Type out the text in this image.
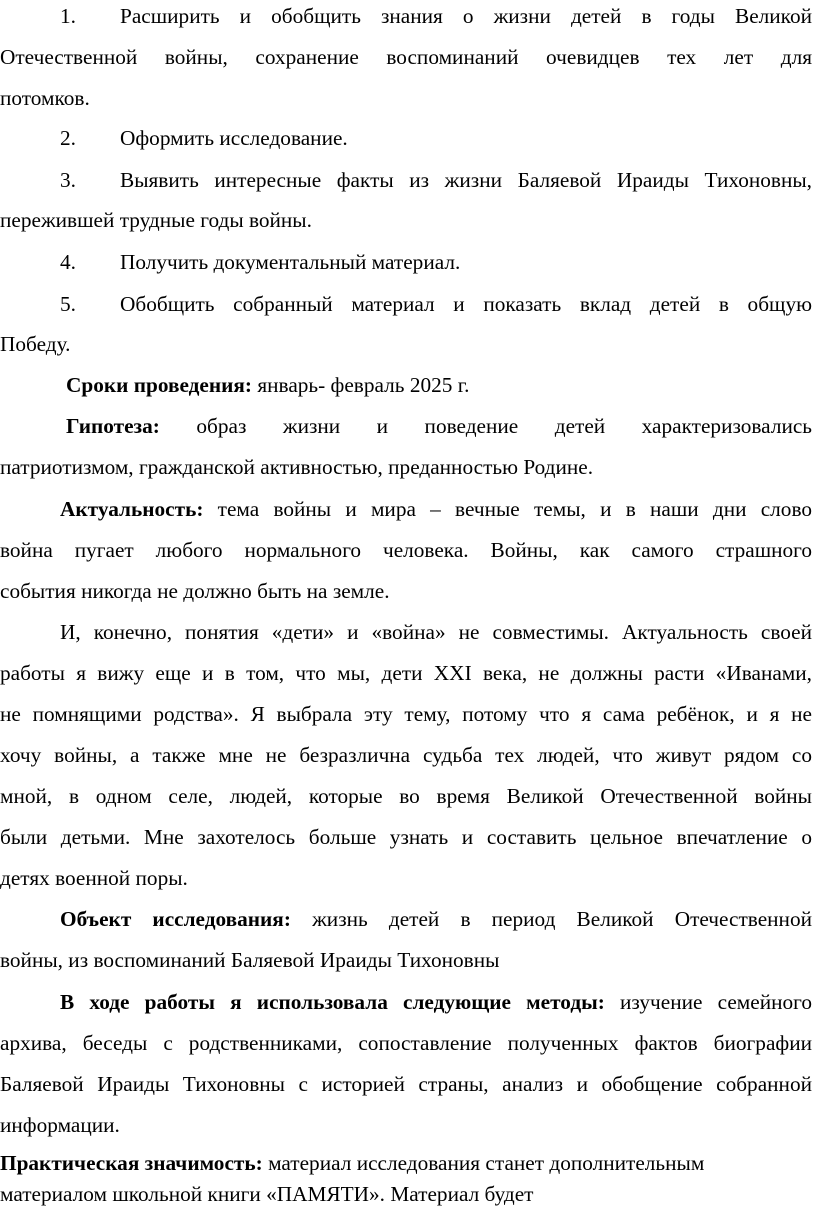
1. Расширить и обобщить знания о жизни детей в годы Великой
Отечественной войны, сохранение воспоминаний очевидцев тех лет для
потомков.
2. Оформить исследование.
3. Выявить интересные факты из жизни Баляевой Ираиды Тихоновны,
пережившей трудные годы войны.
4. Получить документальный материал.
5. Обобщить собранный материал и показать вклад детей в общую
Победу.
Сроки проведения: январь- февраль 2025 г.
Гипотеза: образ жизни и поведение детей характеризовались
патриотизмом, гражданской активностью, преданностью Родине.
Актуальность: тема войны и мира – вечные темы, и в наши дни слово
война пугает любого нормального человека. Войны, как самого страшного
события никогда не должно быть на земле.
И, конечно, понятия «дети» и «война» не совместимы. Актуальность своей
работы я вижу еще и в том, что мы, дети XXI века, не должны расти «Иванами,
не помнящими родства». Я выбрала эту тему, потому что я сама ребёнок, и я не
хочу войны, а также мне не безразлична судьба тех людей, что живут рядом со
мной, в одном селе, людей, которые во время Великой Отечественной войны
были детьми. Мне захотелось больше узнать и составить цельное впечатление о
детях военной поры.
Объект исследования: жизнь детей в период Великой Отечественной
войны, из воспоминаний Баляевой Ираиды Тихоновны
В ходе работы я использовала следующие методы: изучение семейного
архива, беседы с родственниками, сопоставление полученных фактов биографии
Баляевой Ираиды Тихоновны с историей страны, анализ и обобщение собранной
информации.
Практическая значимость: материал исследования станет дополнительным
материалом школьной книги «ПАМЯТИ». Материал будет
